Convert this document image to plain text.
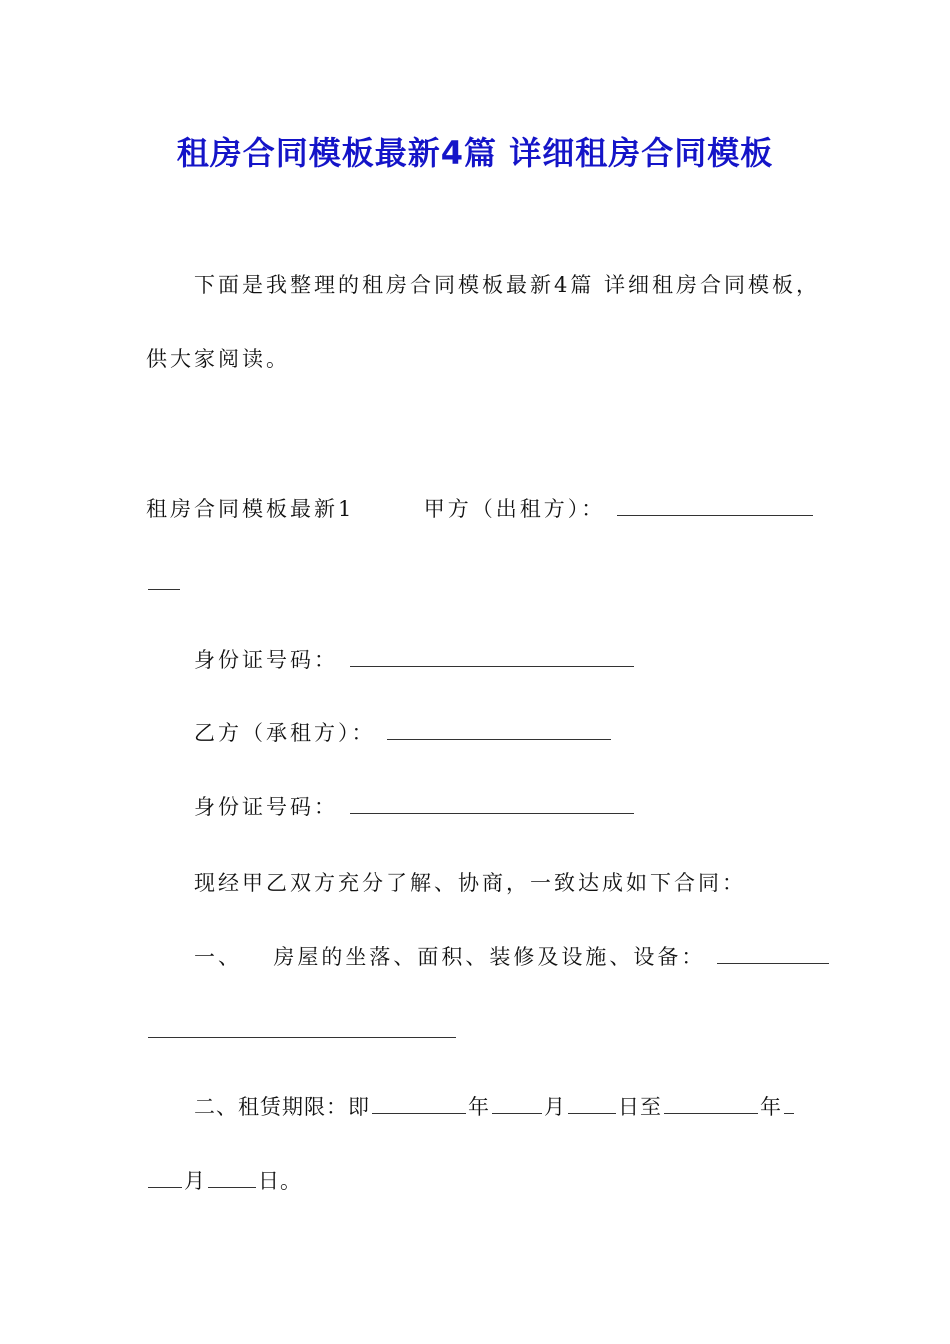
租房合同模板最新4篇 详细租房合同模板
下面是我整理的租房合同模板最新4篇 详细租房合同模板，
供大家阅读。
租房合同模板最新1	甲方（出租方）：
身份证号码：
乙方（承租方）：
身份证号码：
现经甲乙双方充分了解、协商，一致达成如下合同：
一、 房屋的坐落、面积、装修及设施、设备：
二、租赁期限：即	年	月 日至	年
月 日。
